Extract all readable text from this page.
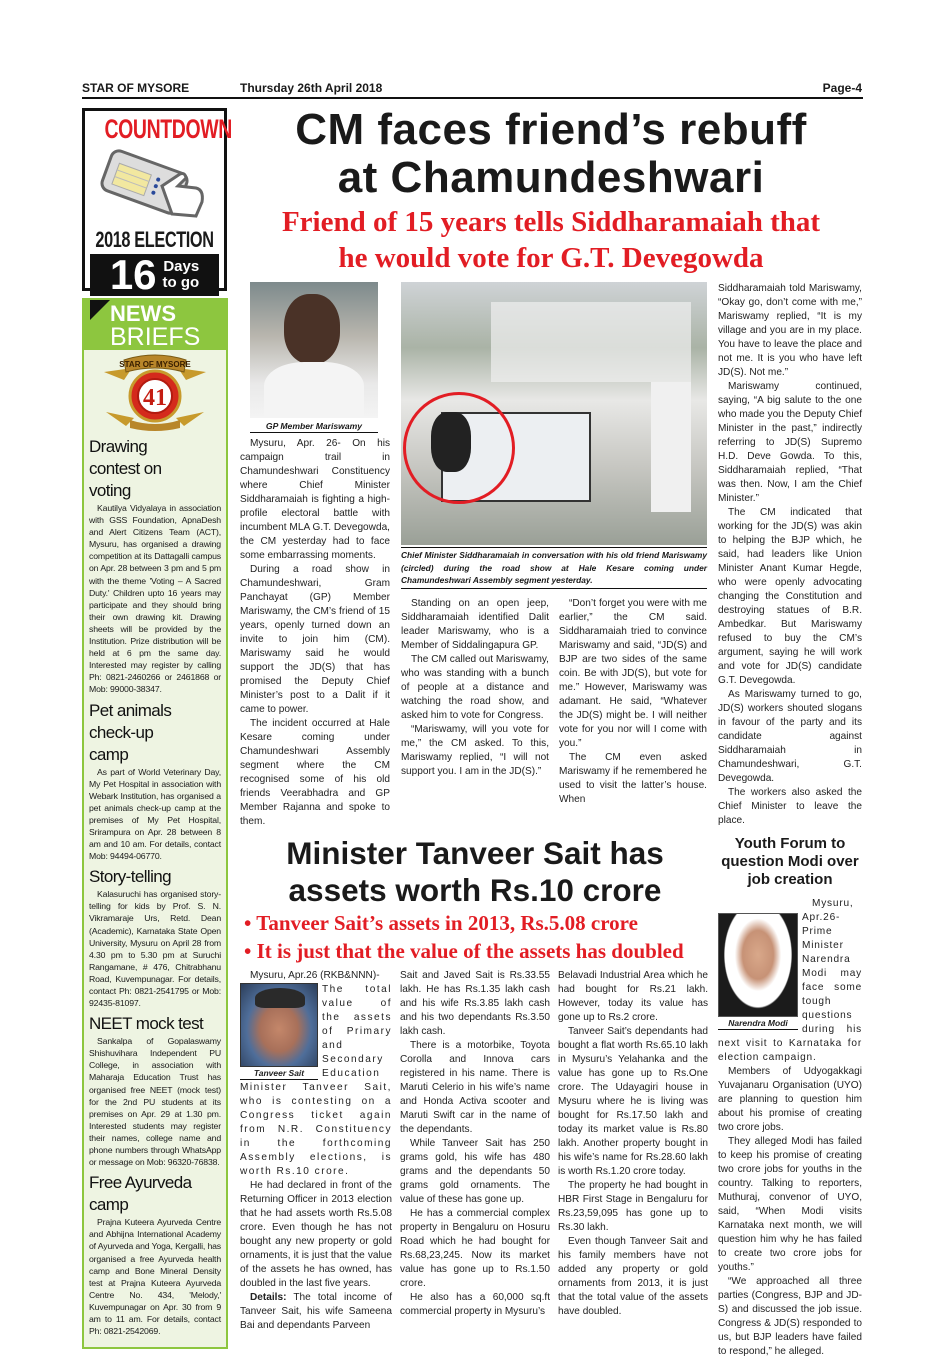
STAR OF MYSORE	Thursday 26th April 2018	Page-4
COUNTDOWN
2018 ELECTION
16 Days
to go
NEWS
BRIEFS
STAR OF MYSORE
41
Drawing contest on voting

Kautilya Vidyalaya in association with GSS Foundation, ApnaDesh and Alert Citizens Team (ACT), Mysuru, has organised a drawing competition at its Dattagalli campus on Apr. 28 between 3 pm and 5 pm with the theme 'Voting – A Sacred Duty.' Children upto 16 years may participate and they should bring their own drawing kit. Drawing sheets will be provided by the Institution. Prize distribution will be held at 6 pm the same day. Interested may register by calling Ph: 0821-2460266 or 2461868 or Mob: 99000-38347.

Pet animals check-up camp

As part of World Veterinary Day, My Pet Hospital in association with Webark Institution, has organised a pet animals check-up camp at the premises of My Pet Hospital, Srirampura on Apr. 28 between 8 am and 10 am. For details, contact Mob: 94494-06770.

Story-telling

Kalasuruchi has organised story-telling for kids by Prof. S. N. Vikramaraje Urs, Retd. Dean (Academic), Karnataka State Open University, Mysuru on April 28 from 4.30 pm to 5.30 pm at Suruchi Rangamane, # 476, Chitrabhanu Road, Kuvempunagar. For details, contact Ph: 0821-2541795 or Mob: 92435-81097.

NEET mock test

Sankalpa of Gopalaswamy Shishuvihara Independent PU College, in association with Maharaja Education Trust has organised free NEET (mock test) for the 2nd PU students at its premises on Apr. 29 at 1.30 pm. Interested students may register their names, college name and phone numbers through WhatsApp or message on Mob: 96320-76838.

Free Ayurveda camp

Prajna Kuteera Ayurveda Centre and Abhijna International Academy of Ayurveda and Yoga, Kergalli, has organised a free Ayurveda health camp and Bone Mineral Density test at Prajna Kuteera Ayurveda Centre No. 434, 'Melody,' Kuvempunagar on Apr. 30 from 9 am to 11 am. For details, contact Ph: 0821-2542069.

CM faces friend’s rebuff
at Chamundeshwari
Friend of 15 years tells Siddharamaiah that
he would vote for G.T. Devegowda
GP Member Mariswamy

Mysuru, Apr. 26- On his campaign trail in Chamundeshwari Constituency where Chief Minister Siddharamaiah is fighting a high-profile electoral battle with incumbent MLA G.T. Devegowda, the CM yesterday had to face some embarrassing moments.

During a road show in Chamundeshwari, Gram Panchayat (GP) Member Mariswamy, the CM’s friend of 15 years, openly turned down an invite to join him (CM). Mariswamy said he would support the JD(S) that has promised the Deputy Chief Minister’s post to a Dalit if it came to power.

The incident occurred at Hale Kesare coming under Chamundeshwari Assembly segment where the CM recognised some of his old friends Veerabhadra and GP Member Rajanna and spoke to them.

Chief Minister Siddharamaiah in conversation with his old friend Mariswamy (circled) during the road show at Hale Kesare coming under Chamundeshwari Assembly segment yesterday.

Standing on an open jeep, Siddharamaiah identified Dalit leader Mariswamy, who is a Member of Siddalingapura GP.

The CM called out Mariswamy, who was standing with a bunch of people at a distance and watching the road show, and asked him to vote for Congress.

“Mariswamy, will you vote for me,” the CM asked. To this, Mariswamy replied, “I will not support you. I am in the JD(S).”

“Don’t forget you were with me earlier,” the CM said. Siddharamaiah tried to convince Mariswamy and said, “JD(S) and BJP are two sides of the same coin. Be with JD(S), but vote for me.” However, Mariswamy was adamant. He said, “Whatever the JD(S) might be. I will neither vote for you nor will I come with you.”

The CM even asked Mariswamy if he remembered he used to visit the latter’s house. When

Siddharamaiah told Mariswamy, “Okay go, don’t come with me,” Mariswamy replied, “It is my village and you are in my place. You have to leave the place and not me. It is you who have left JD(S). Not me.”

Mariswamy continued, saying, “A big salute to the one who made you the Deputy Chief Minister in the past,” indirectly referring to JD(S) Supremo H.D. Deve Gowda. To this, Siddharamaiah replied, “That was then. Now, I am the Chief Minister.”

The CM indicated that working for the JD(S) was akin to helping the BJP which, he said, had leaders like Union Minister Anant Kumar Hegde, who were openly advocating changing the Constitution and destroying statues of B.R. Ambedkar. But Mariswamy refused to buy the CM’s argument, saying he will work and vote for JD(S) candidate G.T. Devegowda.

As Mariswamy turned to go, JD(S) workers shouted slogans in favour of the party and its candidate against Siddharamaiah in Chamundeshwari, G.T. Devegowda.

The workers also asked the Chief Minister to leave the place.

Minister Tanveer Sait has
assets worth Rs.10 crore
• Tanveer Sait’s assets in 2013, Rs.5.08 crore
• It is just that the value of the assets has doubled

Mysuru, Apr.26 (RKB&NNN)-

Tanveer Sait

The total value of the assets of Primary and Secondary Education Minister Tanveer Sait, who is contesting on a Congress ticket again from N.R. Constituency in the forthcoming Assembly elections, is worth Rs.10 crore.

He had declared in front of the Returning Officer in 2013 election that he had assets worth Rs.5.08 crore. Even though he has not bought any new property or gold ornaments, it is just that the value of the assets he has owned, has doubled in the last five years.

Details: The total income of Tanveer Sait, his wife Sameena Bai and dependants Parveen

Sait and Javed Sait is Rs.33.55 lakh. He has Rs.1.35 lakh cash and his wife Rs.3.85 lakh cash and his two dependants Rs.3.50 lakh cash.

There is a motorbike, Toyota Corolla and Innova cars registered in his name. There is Maruti Celerio in his wife’s name and Honda Activa scooter and Maruti Swift car in the name of the dependants.

While Tanveer Sait has 250 grams gold, his wife has 480 grams and the dependants 50 grams gold ornaments. The value of these has gone up.

He has a commercial complex property in Bengaluru on Hosuru Road which he had bought for Rs.68,23,245. Now its market value has gone up to Rs.1.50 crore.

He also has a 60,000 sq.ft commercial property in Mysuru’s

Belavadi Industrial Area which he had bought for Rs.21 lakh. However, today its value has gone up to Rs.2 crore.

Tanveer Sait’s dependants had bought a flat worth Rs.65.10 lakh in Mysuru’s Yelahanka and the value has gone up to Rs.One crore. The Udayagiri house in Mysuru where he is living was bought for Rs.17.50 lakh and today its market value is Rs.80 lakh. Another property bought in his wife’s name for Rs.28.60 lakh is worth Rs.1.20 crore today.

The property he had bought in HBR First Stage in Bengaluru for Rs.23,59,095 has gone up to Rs.30 lakh.

Even though Tanveer Sait and his family members have not added any property or gold ornaments from 2013, it is just that the total value of the assets have doubled.

Youth Forum to question Modi over job creation
Narendra Modi

Mysuru, Apr.26- Prime Minister Narendra Modi may face some tough questions during his next visit to Karnataka for election campaign.

Members of Udyogakkagi Yuvajanaru Organisation (UYO) are planning to question him about his promise of creating two crore jobs.

They alleged Modi has failed to keep his promise of creating two crore jobs for youths in the country. Talking to reporters, Muthuraj, convenor of UYO, said, “When Modi visits Karnataka next month, we will question him why he has failed to create two crore jobs for youths.”

“We approached all three parties (Congress, BJP and JD-S) and discussed the job issue. Congress & JD(S) responded to us, but BJP leaders have failed to respond,” he alleged.
